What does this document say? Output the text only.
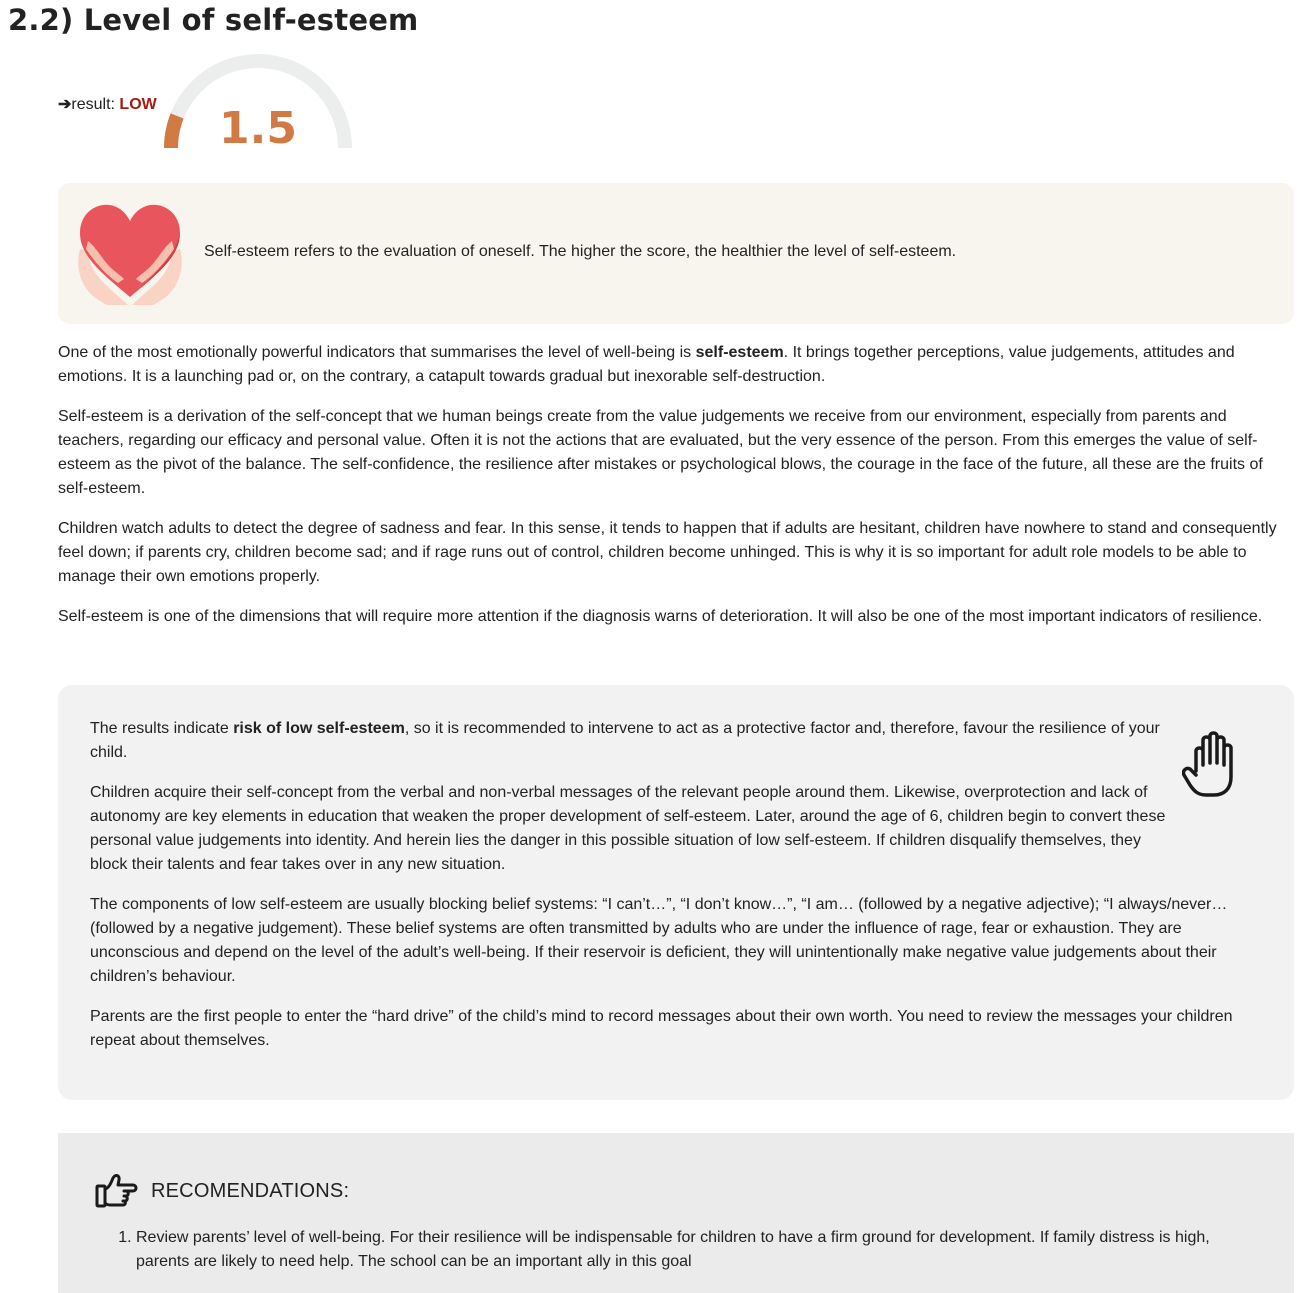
2.2) Level of self-esteem
➔result: LOW	1.5
Self-esteem refers to the evaluation of oneself. The higher the score, the healthier the level of self-esteem.

One of the most emotionally powerful indicators that summarises the level of well-being is self-esteem. It brings together perceptions, value judgements, attitudes and emotions. It is a launching pad or, on the contrary, a catapult towards gradual but inexorable self-destruction.

Self-esteem is a derivation of the self-concept that we human beings create from the value judgements we receive from our environment, especially from parents and teachers, regarding our efficacy and personal value. Often it is not the actions that are evaluated, but the very essence of the person. From this emerges the value of self-esteem as the pivot of the balance. The self-confidence, the resilience after mistakes or psychological blows, the courage in the face of the future, all these are the fruits of self-esteem.

Children watch adults to detect the degree of sadness and fear. In this sense, it tends to happen that if adults are hesitant, children have nowhere to stand and consequently feel down; if parents cry, children become sad; and if rage runs out of control, children become unhinged. This is why it is so important for adult role models to be able to manage their own emotions properly.

Self-esteem is one of the dimensions that will require more attention if the diagnosis warns of deterioration. It will also be one of the most important indicators of resilience.

The results indicate risk of low self-esteem, so it is recommended to intervene to act as a protective factor and, therefore, favour the resilience of your child.

Children acquire their self-concept from the verbal and non-verbal messages of the relevant people around them. Likewise, overprotection and lack of autonomy are key elements in education that weaken the proper development of self-esteem. Later, around the age of 6, children begin to convert these personal value judgements into identity. And herein lies the danger in this possible situation of low self-esteem. If children disqualify themselves, they block their talents and fear takes over in any new situation.

The components of low self-esteem are usually blocking belief systems: “I can’t…”, “I don’t know…”, “I am… (followed by a negative adjective); “I always/never… (followed by a negative judgement). These belief systems are often transmitted by adults who are under the influence of rage, fear or exhaustion. They are unconscious and depend on the level of the adult’s well-being. If their reservoir is deficient, they will unintentionally make negative value judgements about their children’s behaviour.

Parents are the first people to enter the “hard drive” of the child’s mind to record messages about their own worth. You need to review the messages your children repeat about themselves.

RECOMENDATIONS:
1. Review parents’ level of well-being. For their resilience will be indispensable for children to have a firm ground for development. If family distress is high, parents are likely to need help. The school can be an important ally in this goal
